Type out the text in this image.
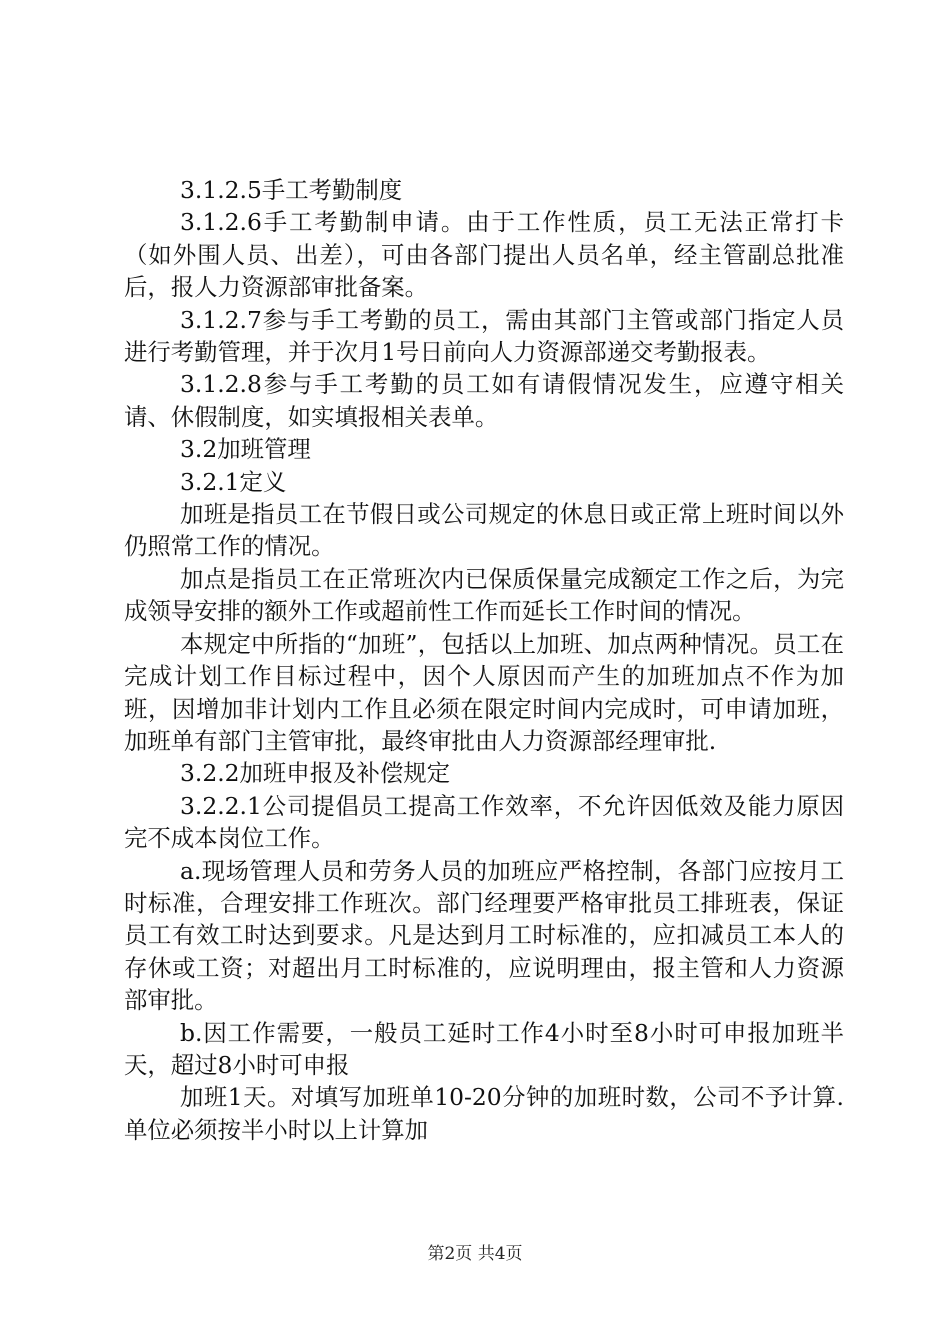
3.1.2.5手工考勤制度

3.1.2.6手工考勤制申请。由于工作性质，员工无法正常打卡（如外围人员、出差），可由各部门提出人员名单，经主管副总批准后，报人力资源部审批备案。

3.1.2.7参与手工考勤的员工，需由其部门主管或部门指定人员进行考勤管理，并于次月1号日前向人力资源部递交考勤报表。

3.1.2.8参与手工考勤的员工如有请假情况发生，应遵守相关请、休假制度，如实填报相关表单。

3.2加班管理

3.2.1定义

加班是指员工在节假日或公司规定的休息日或正常上班时间以外仍照常工作的情况。

加点是指员工在正常班次内已保质保量完成额定工作之后，为完成领导安排的额外工作或超前性工作而延长工作时间的情况。

本规定中所指的“加班”，包括以上加班、加点两种情况。员工在完成计划工作目标过程中，因个人原因而产生的加班加点不作为加班，因增加非计划内工作且必须在限定时间内完成时，可申请加班，加班单有部门主管审批，最终审批由人力资源部经理审批.

3.2.2加班申报及补偿规定

3.2.2.1公司提倡员工提高工作效率，不允许因低效及能力原因完不成本岗位工作。

a.现场管理人员和劳务人员的加班应严格控制，各部门应按月工时标准，合理安排工作班次。部门经理要严格审批员工排班表，保证员工有效工时达到要求。凡是达到月工时标准的，应扣减员工本人的存休或工资；对超出月工时标准的，应说明理由，报主管和人力资源部审批。

b.因工作需要，一般员工延时工作4小时至8小时可申报加班半天，超过8小时可申报

加班1天。对填写加班单10-20分钟的加班时数，公司不予计算.单位必须按半小时以上计算加

第2页 共4页
